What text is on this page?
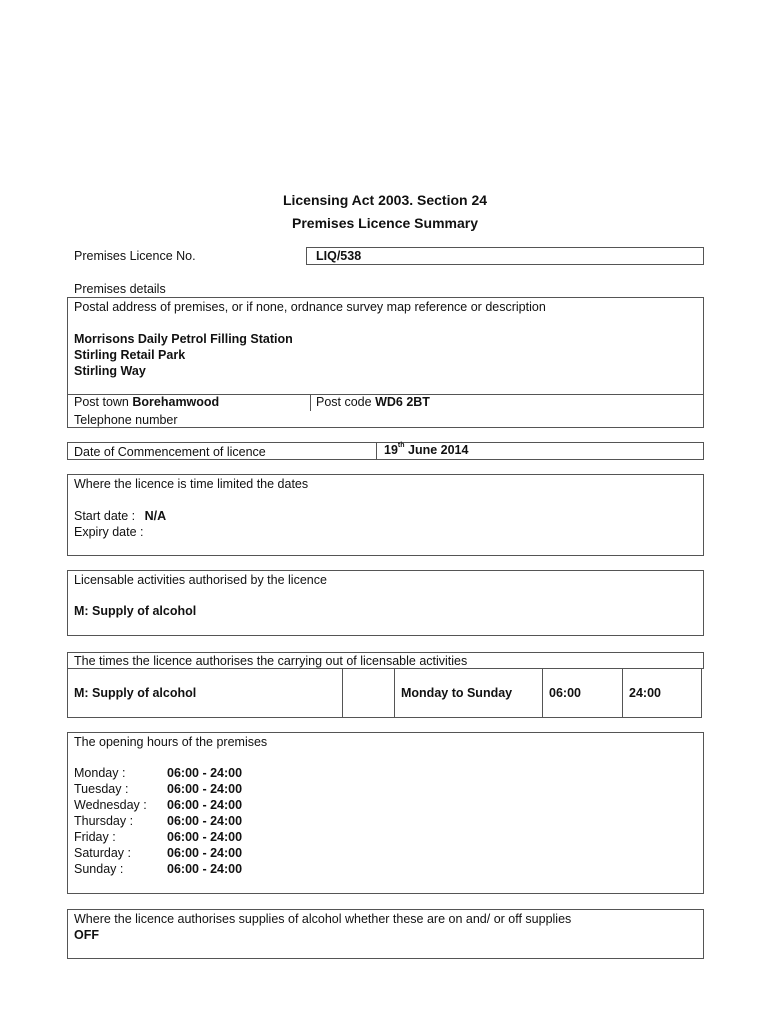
Licensing Act 2003. Section 24
Premises Licence Summary
Premises Licence No.	LIQ/538
Premises details
Postal address of premises, or if none, ordnance survey map reference or description
Morrisons Daily Petrol Filling Station
Stirling Retail Park
Stirling Way
Post town Borehamwood	Post code WD6 2BT
Telephone number
Date of Commencement of licence	19th June 2014
Where the licence is time limited the dates
Start date : N/A
Expiry date :
Licensable activities authorised by the licence
M: Supply of alcohol
The times the licence authorises the carrying out of licensable activities
M: Supply of alcohol	Monday to Sunday	06:00	24:00
The opening hours of the premises
Monday :	06:00 - 24:00
Tuesday :	06:00 - 24:00
Wednesday : 06:00 - 24:00
Thursday :	06:00 - 24:00
Friday :	06:00 - 24:00
Saturday :	06:00 - 24:00
Sunday :	06:00 - 24:00
Where the licence authorises supplies of alcohol whether these are on and/ or off supplies
OFF
